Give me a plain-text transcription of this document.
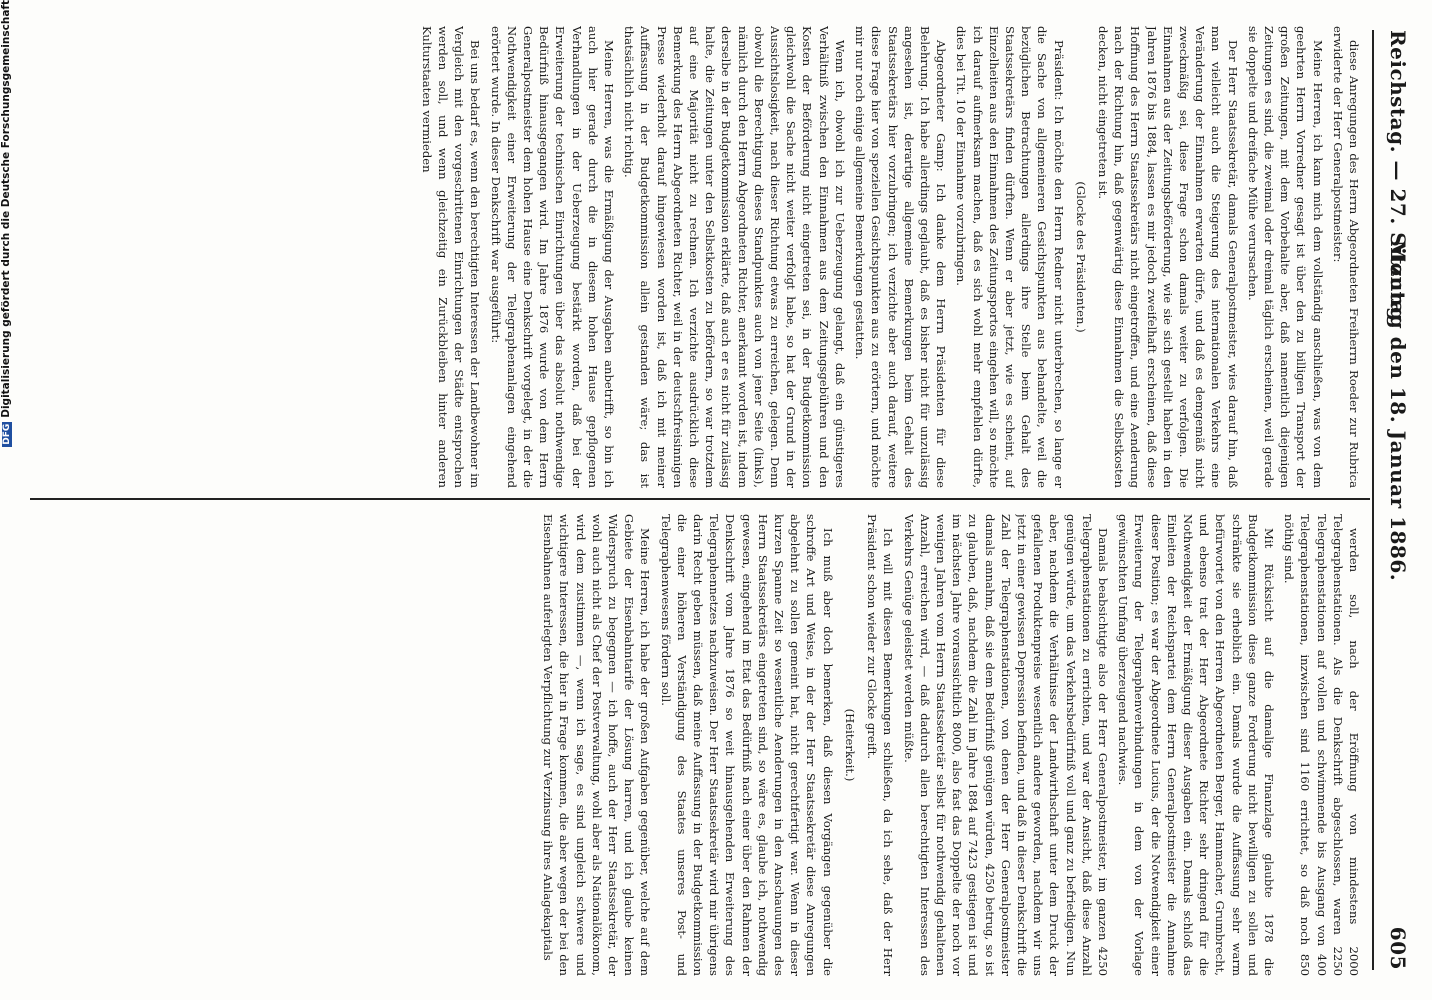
Reichstag. — 27. Sitzung.
Montag den 18. Januar 1886.
605

diese Anregungen des Herrn Abgeordneten Freiherrn Roeder zur Rubrica erwiderte der Herr Generalpostmeister:

Meine Herren, ich kann mich dem vollständig anschließen, was von dem geehrten Herrn Vorredner gesagt ist über den zu billigen Transport der großen Zeitungen, mit dem Vorbehalte aber, daß namentlich diejenigen Zeitungen es sind, die zweimal oder dreimal täglich erscheinen, weil gerade sie doppelte und dreifache Mühe verursachen.

Der Herr Staatssekretär, damals Generalpostmeister, wies darauf hin, daß man vielleicht auch die Steigerung des internationalen Verkehrs eine Veränderung der Einnahmen erwarten dürfe, und daß es demgemäß nicht zweckmäßig sei, diese Frage schon damals weiter zu verfolgen. Die Einnahmen aus der Zeitungsbeförderung, wie sie sich gestellt haben in den Jahren 1876 bis 1884, lassen es mir jedoch zweifelhaft erscheinen, daß diese Hoffnung des Herrn Staatssekretärs nicht eingetroffen, und eine Aenderung nach der Richtung hin, daß gegenwärtig diese Einnahmen die Selbstkosten decken, nicht eingetreten ist.

(Glocke des Präsidenten.)

Präsident: Ich möchte den Herrn Redner nicht unterbrechen, so lange er die Sache von allgemeineren Gesichtspunkten aus behandelte, weil die bezüglichen Betrachtungen allerdings ihre Stelle beim Gehalt des Staatssekretärs finden dürften. Wenn er aber jetzt, wie es scheint, auf Einzelheiten aus den Einnahmen des Zeitungsportos eingehen will, so möchte ich darauf aufmerksam machen, daß es sich wohl mehr empfehlen dürfte, dies bei Tit. 10 der Einnahme vorzubringen.

Abgeordneter Gamp: Ich danke dem Herrn Präsidenten für diese Belehrung. Ich habe allerdings geglaubt, daß es bisher nicht für unzulässig angesehen ist, derartige allgemeine Bemerkungen beim Gehalt des Staatssekretärs hier vorzubringen; ich verzichte aber auch darauf, weitere diese Frage hier von speziellen Gesichtspunkten aus zu erörtern, und möchte mir nur noch einige allgemeine Bemerkungen gestatten.

Wenn ich, obwohl ich zur Ueberzeugung gelangt, daß ein günstigeres Verhältniß zwischen den Einnahmen aus dem Zeitungsgebühren und den Kosten der Beförderung nicht eingetreten sei, in der Budgetkommission gleichwohl die Sache nicht weiter verfolgt habe, so hat der Grund in der Aussichtslosigkeit, nach dieser Richtung etwas zu erreichen, gelegen. Denn obwohl die Berechtigung dieses Standpunktes auch von jener Seite (links), nämlich durch den Herrn Abgeordneten Richter, anerkannt worden ist, indem derselbe in der Budgetkommission erklärte, daß auch er es nicht für zulässig halte, die Zeitungen unter den Selbstkosten zu befördern, so war trotzdem auf eine Majorität nicht zu rechnen. Ich verzichte ausdrücklich diese Bemerkung des Herrn Abgeordneten Richter, weil in der deutschfreisinnigen Presse wiederholt darauf hingewiesen worden ist, daß ich mit meiner Auffassung in der Budgetkommission allein gestanden wäre; das ist thatsächlich nicht richtig.

Meine Herren, was die Ermäßigung der Ausgaben anbetrifft, so bin ich auch hier gerade durch die in diesem hohen Hause gepflogenen Verhandlungen in der Ueberzeugung bestärkt worden, daß bei der Erweiterung der technischen Einrichtungen über das absolut nothwendige Bedürfniß hinausgegangen wird. Im Jahre 1876 wurde von dem Herrn Generalpostmeister dem hohen Hause eine Denkschrift vorgelegt, in der die Nothwendigkeit einer Erweiterung der Telegraphenanlagen eingehend erörtert wurde. In dieser Denkschrift war ausgeführt:

Bei uns bedarf es, wenn den berechtigten Interessen der Landbewohner im Vergleich mit den vorgeschrittenen Einrichtungen der Städte entsprochen werden soll, und wenn gleichzeitig ein Zurückbleiben hinter anderen Kulturstaaten vermieden

werden soll, nach der Eröffnung von mindestens 2000 Telegraphenstationen. Als die Denkschrift abgeschlossen, waren 2250 Telegraphenstationen auf vollen und schwimmende bis Ausgang von 400 Telegraphenstationen, inzwischen sind 1160 errichtet, so daß noch 850 nöthig sind.

Mit Rücksicht auf die damalige Finanzlage glaubte 1878 die Budgetkommission diese ganze Forderung nicht bewilligen zu sollen und schränkte sie erheblich ein. Damals wurde die Auffassung sehr warm befürwortet von den Herren Abgeordneten Berger, Hammacher, Grumbrecht, und ebenso trat der Herr Abgeordnete Richter sehr dringend für die Nothwendigkeit der Ermäßigung dieser Ausgaben ein. Damals schloß das Einleiten der Reichspartei dem Herrn Generalpostmeister die Annahme dieser Position; es war der Abgeordnete Lucius, der die Notwendigkeit einer Erweiterung der Telegraphenverbindungen in dem von der Vorlage gewünschten Umfang überzeugend nachwies.

Damals beabsichtigte also der Herr Generalpostmeister, im ganzen 4250 Telegraphenstationen zu errichten, und war der Ansicht, daß diese Anzahl genügen würde, um das Verkehrsbedürfniß voll und ganz zu befriedigen. Nun aber, nachdem die Verhältnisse der Landwirthschaft unter dem Druck der gefallenen Produktenpreise wesentlich andere geworden, nachdem wir uns jetzt in einer gewissen Depression befinden, und daß in dieser Denkschrift die Zahl der Telegraphenstationen, von denen der Herr Generalpostmeister damals annahm, daß sie dem Bedürfniß genügen würden, 4250 betrug, so ist zu glauben, daß, nachdem die Zahl im Jahre 1884 auf 7423 gestiegen ist und im nächsten Jahre voraussichtlich 8000, also fast das Doppelte der noch vor wenigen Jahren vom Herrn Staatssekretär selbst für nothwendig gehaltenen Anzahl, erreichen wird, — daß dadurch allen berechtigten Interessen des Verkehrs Genüge geleistet werden müßte.

Ich will mit diesen Bemerkungen schließen, da ich sehe, daß der Herr Präsident schon wieder zur Glocke greift.

(Heiterkeit.)

Ich muß aber doch bemerken, daß diesen Vorgängen gegenüber die schroffe Art und Weise, in der der Herr Staatssekretär diese Anregungen abgelehnt zu sollen gemeint hat, nicht gerechtfertigt war. Wenn in dieser kurzen Spanne Zeit so wesentliche Aenderungen in den Anschauungen des Herrn Staatssekretärs eingetreten sind, so wäre es, glaube ich, nothwendig gewesen, eingehend im Etat das Bedürfniß nach einer über den Rahmen der Denkschrift vom Jahre 1876 so weit hinausgehenden Erweiterung des Telegraphennetzes nachzuweisen. Der Herr Staatssekretär wird mir übrigens darin Recht geben müssen, daß meine Auffassung in der Budgetkommission die einer höheren Verständigung des Staates unseres Post- und Telegraphenwesens fördern soll.

Meine Herren, ich habe der großen Aufgaben gegenüber, welche auf dem Gebiete der Eisenbahntarife der Lösung harren, und ich glaube keinen Widerspruch zu begegnen — ich hoffe, auch der Herr Staatssekretär, der wohl auch nicht als Chef der Postverwaltung, wohl aber als Nationalökonom, wird dem zustimmen —, wenn ich sage, es sind ungleich schwere und wichtigere Interessen, die hier in Frage kommen, die aber wegen der bei den Eisenbahnen auferlegten Verpflichtung zur Verzinsung ihres Anlagekapitals

DFGDigitalisierung gefördert durch die Deutsche Forschungsgemeinschaft
